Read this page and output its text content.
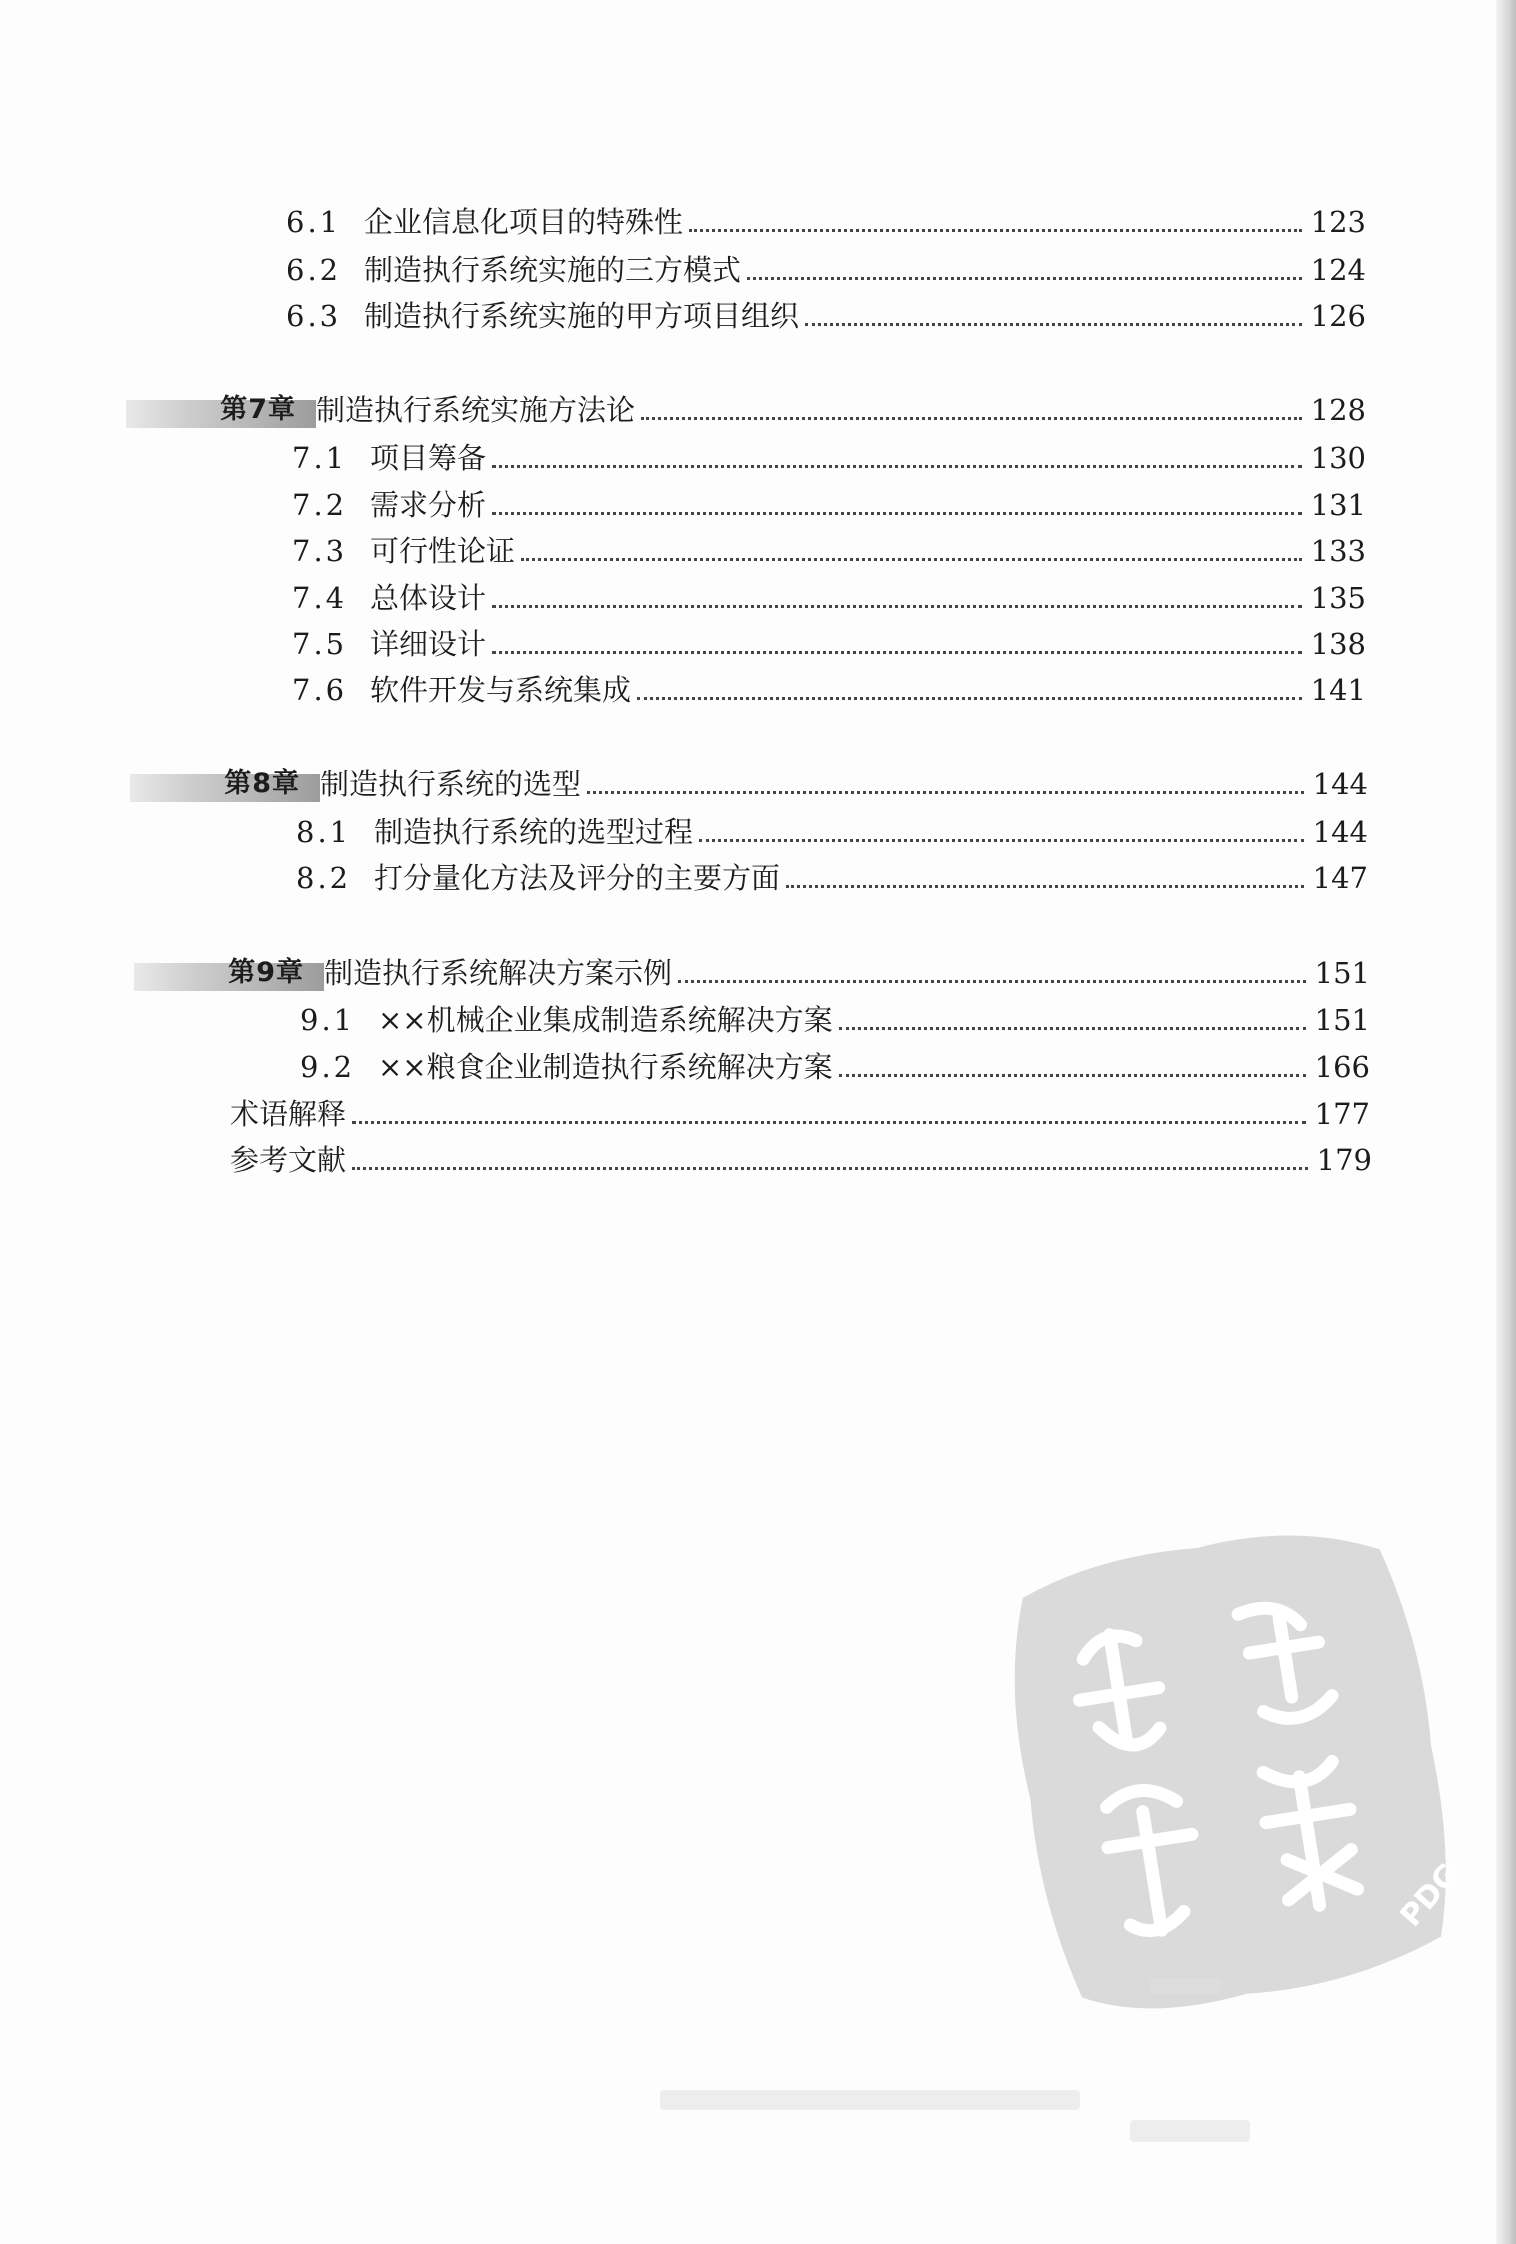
6.1 企业信息化项目的特殊性	123
6.2 制造执行系统实施的三方模式	124
6.3 制造执行系统实施的甲方项目组织	126
第7章 制造执行系统实施方法论	128
7.1 项目筹备	130
7.2 需求分析	131
7.3 可行性论证	133
7.4 总体设计	135
7.5 详细设计	138
7.6 软件开发与系统集成	141
第8章 制造执行系统的选型	144
8.1 制造执行系统的选型过程	144
8.2 打分量化方法及评分的主要方面	147
第9章 制造执行系统解决方案示例	151
9.1 ××机械企业集成制造系统解决方案	151
9.2 ××粮食企业制造执行系统解决方案	166
术语解释	177
参考文献	179
PDG
